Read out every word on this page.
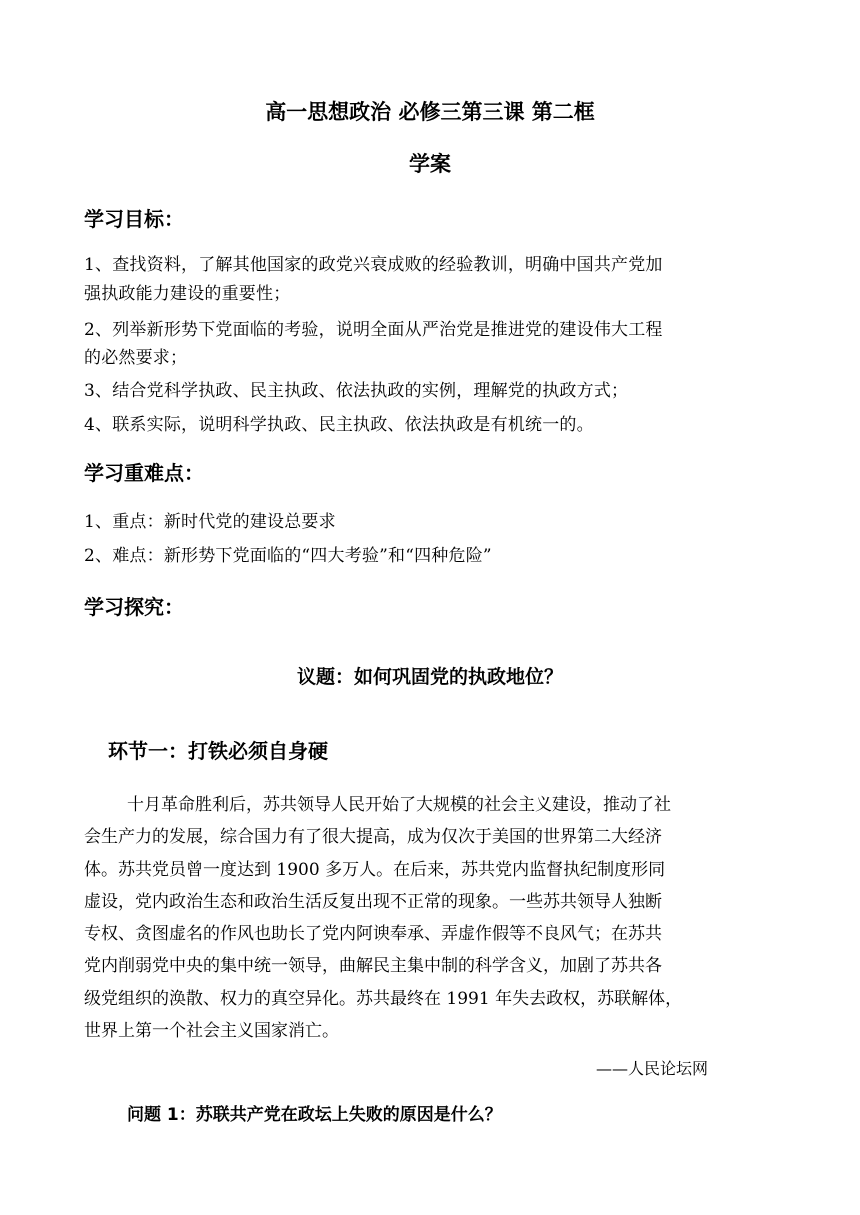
高一思想政治 必修三第三课 第二框
学案
学习目标：
1、查找资料，了解其他国家的政党兴衰成败的经验教训，明确中国共产党加
强执政能力建设的重要性；
2、列举新形势下党面临的考验，说明全面从严治党是推进党的建设伟大工程
的必然要求；
3、结合党科学执政、民主执政、依法执政的实例，理解党的执政方式；
4、联系实际，说明科学执政、民主执政、依法执政是有机统一的。
学习重难点：
1、重点：新时代党的建设总要求
2、难点：新形势下党面临的“四大考验”和“四种危险”
学习探究：
议题：如何巩固党的执政地位？
环节一：打铁必须自身硬
十月革命胜利后，苏共领导人民开始了大规模的社会主义建设，推动了社
会生产力的发展，综合国力有了很大提高，成为仅次于美国的世界第二大经济
体。苏共党员曾一度达到 1900 多万人。在后来，苏共党内监督执纪制度形同
虚设，党内政治生态和政治生活反复出现不正常的现象。一些苏共领导人独断
专权、贪图虚名的作风也助长了党内阿谀奉承、弄虚作假等不良风气；在苏共
党内削弱党中央的集中统一领导，曲解民主集中制的科学含义，加剧了苏共各
级党组织的涣散、权力的真空异化。苏共最终在 1991 年失去政权，苏联解体，
世界上第一个社会主义国家消亡。
——人民论坛网
问题 1：苏联共产党在政坛上失败的原因是什么？
